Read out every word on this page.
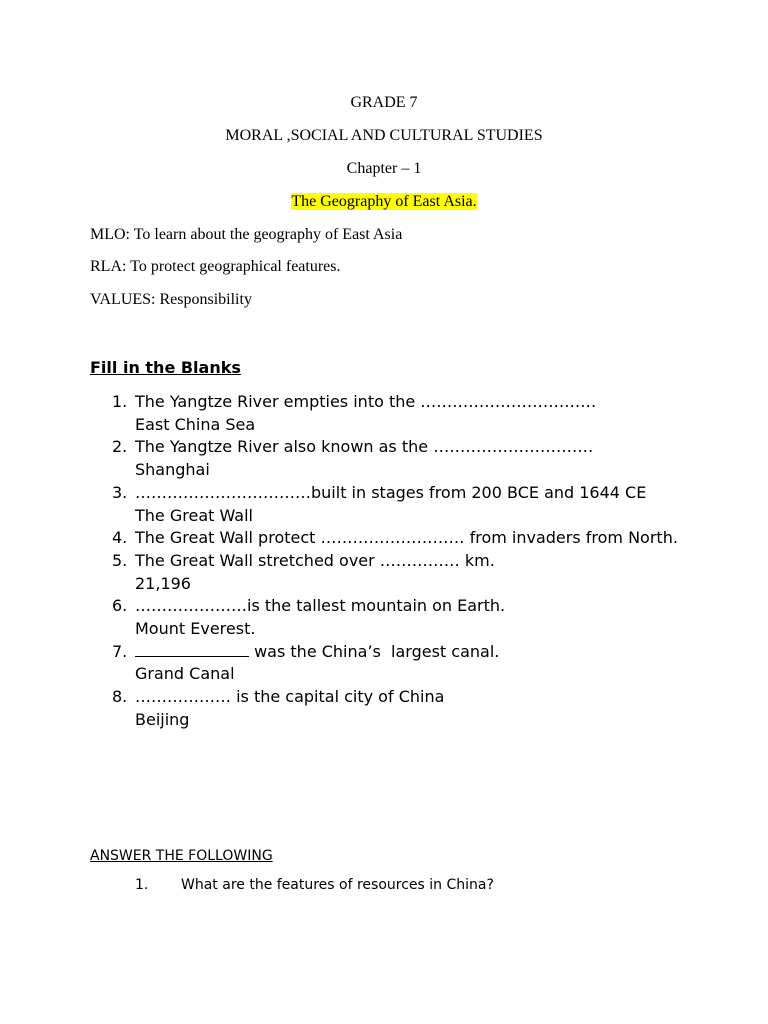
GRADE 7
MORAL ,SOCIAL AND CULTURAL STUDIES
Chapter – 1
The Geography of East Asia.
MLO: To learn about the geography of East Asia
RLA: To protect geographical features.
VALUES: Responsibility
Fill in the Blanks
1. The Yangtze River empties into the ……………………………
East China Sea
2. The Yangtze River also known as the …………………………
Shanghai
3. ……………………………built in stages from 200 BCE and 1644 CE
The Great Wall
4. The Great Wall protect ……………………… from invaders from North.
5. The Great Wall stretched over …………… km.
21,196
6. …………………is the tallest mountain on Earth.
Mount Everest.
7.	was the China’s  largest canal.
Grand Canal
8. ……………… is the capital city of China
Beijing
ANSWER THE FOLLOWING
1. What are the features of resources in China?
